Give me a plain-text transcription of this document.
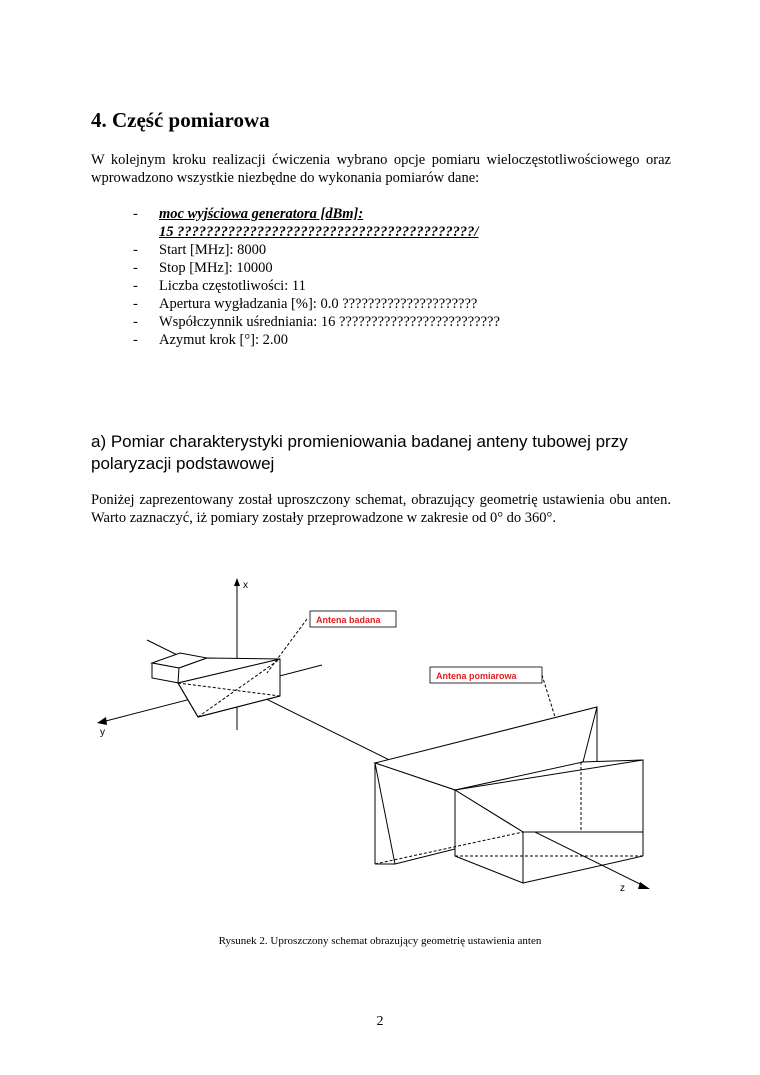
4. Część pomiarowa
W kolejnym kroku realizacji ćwiczenia wybrano opcje pomiaru wieloczęstotliwościowego oraz wprowadzono wszystkie niezbędne do wykonania pomiarów dane:
- moc wyjściowa generatora [dBm]:
15 ?????????????????????????????????????????/
- Start [MHz]: 8000
- Stop [MHz]: 10000
- Liczba częstotliwości: 11
- Apertura wygładzania [%]: 0.0 ?????????????????????
- Współczynnik uśredniania: 16 ?????????????????????????
- Azymut krok [°]: 2.00
a) Pomiar charakterystyki promieniowania badanej anteny tubowej przy polaryzacji podstawowej
Poniżej zaprezentowany został uproszczony schemat, obrazujący geometrię ustawienia obu anten. Warto zaznaczyć, iż pomiary zostały przeprowadzone w zakresie od 0° do 360°.
x
y
z
Antena badana
Antena pomiarowa
Rysunek 2. Uproszczony schemat obrazujący geometrię ustawienia anten
2
